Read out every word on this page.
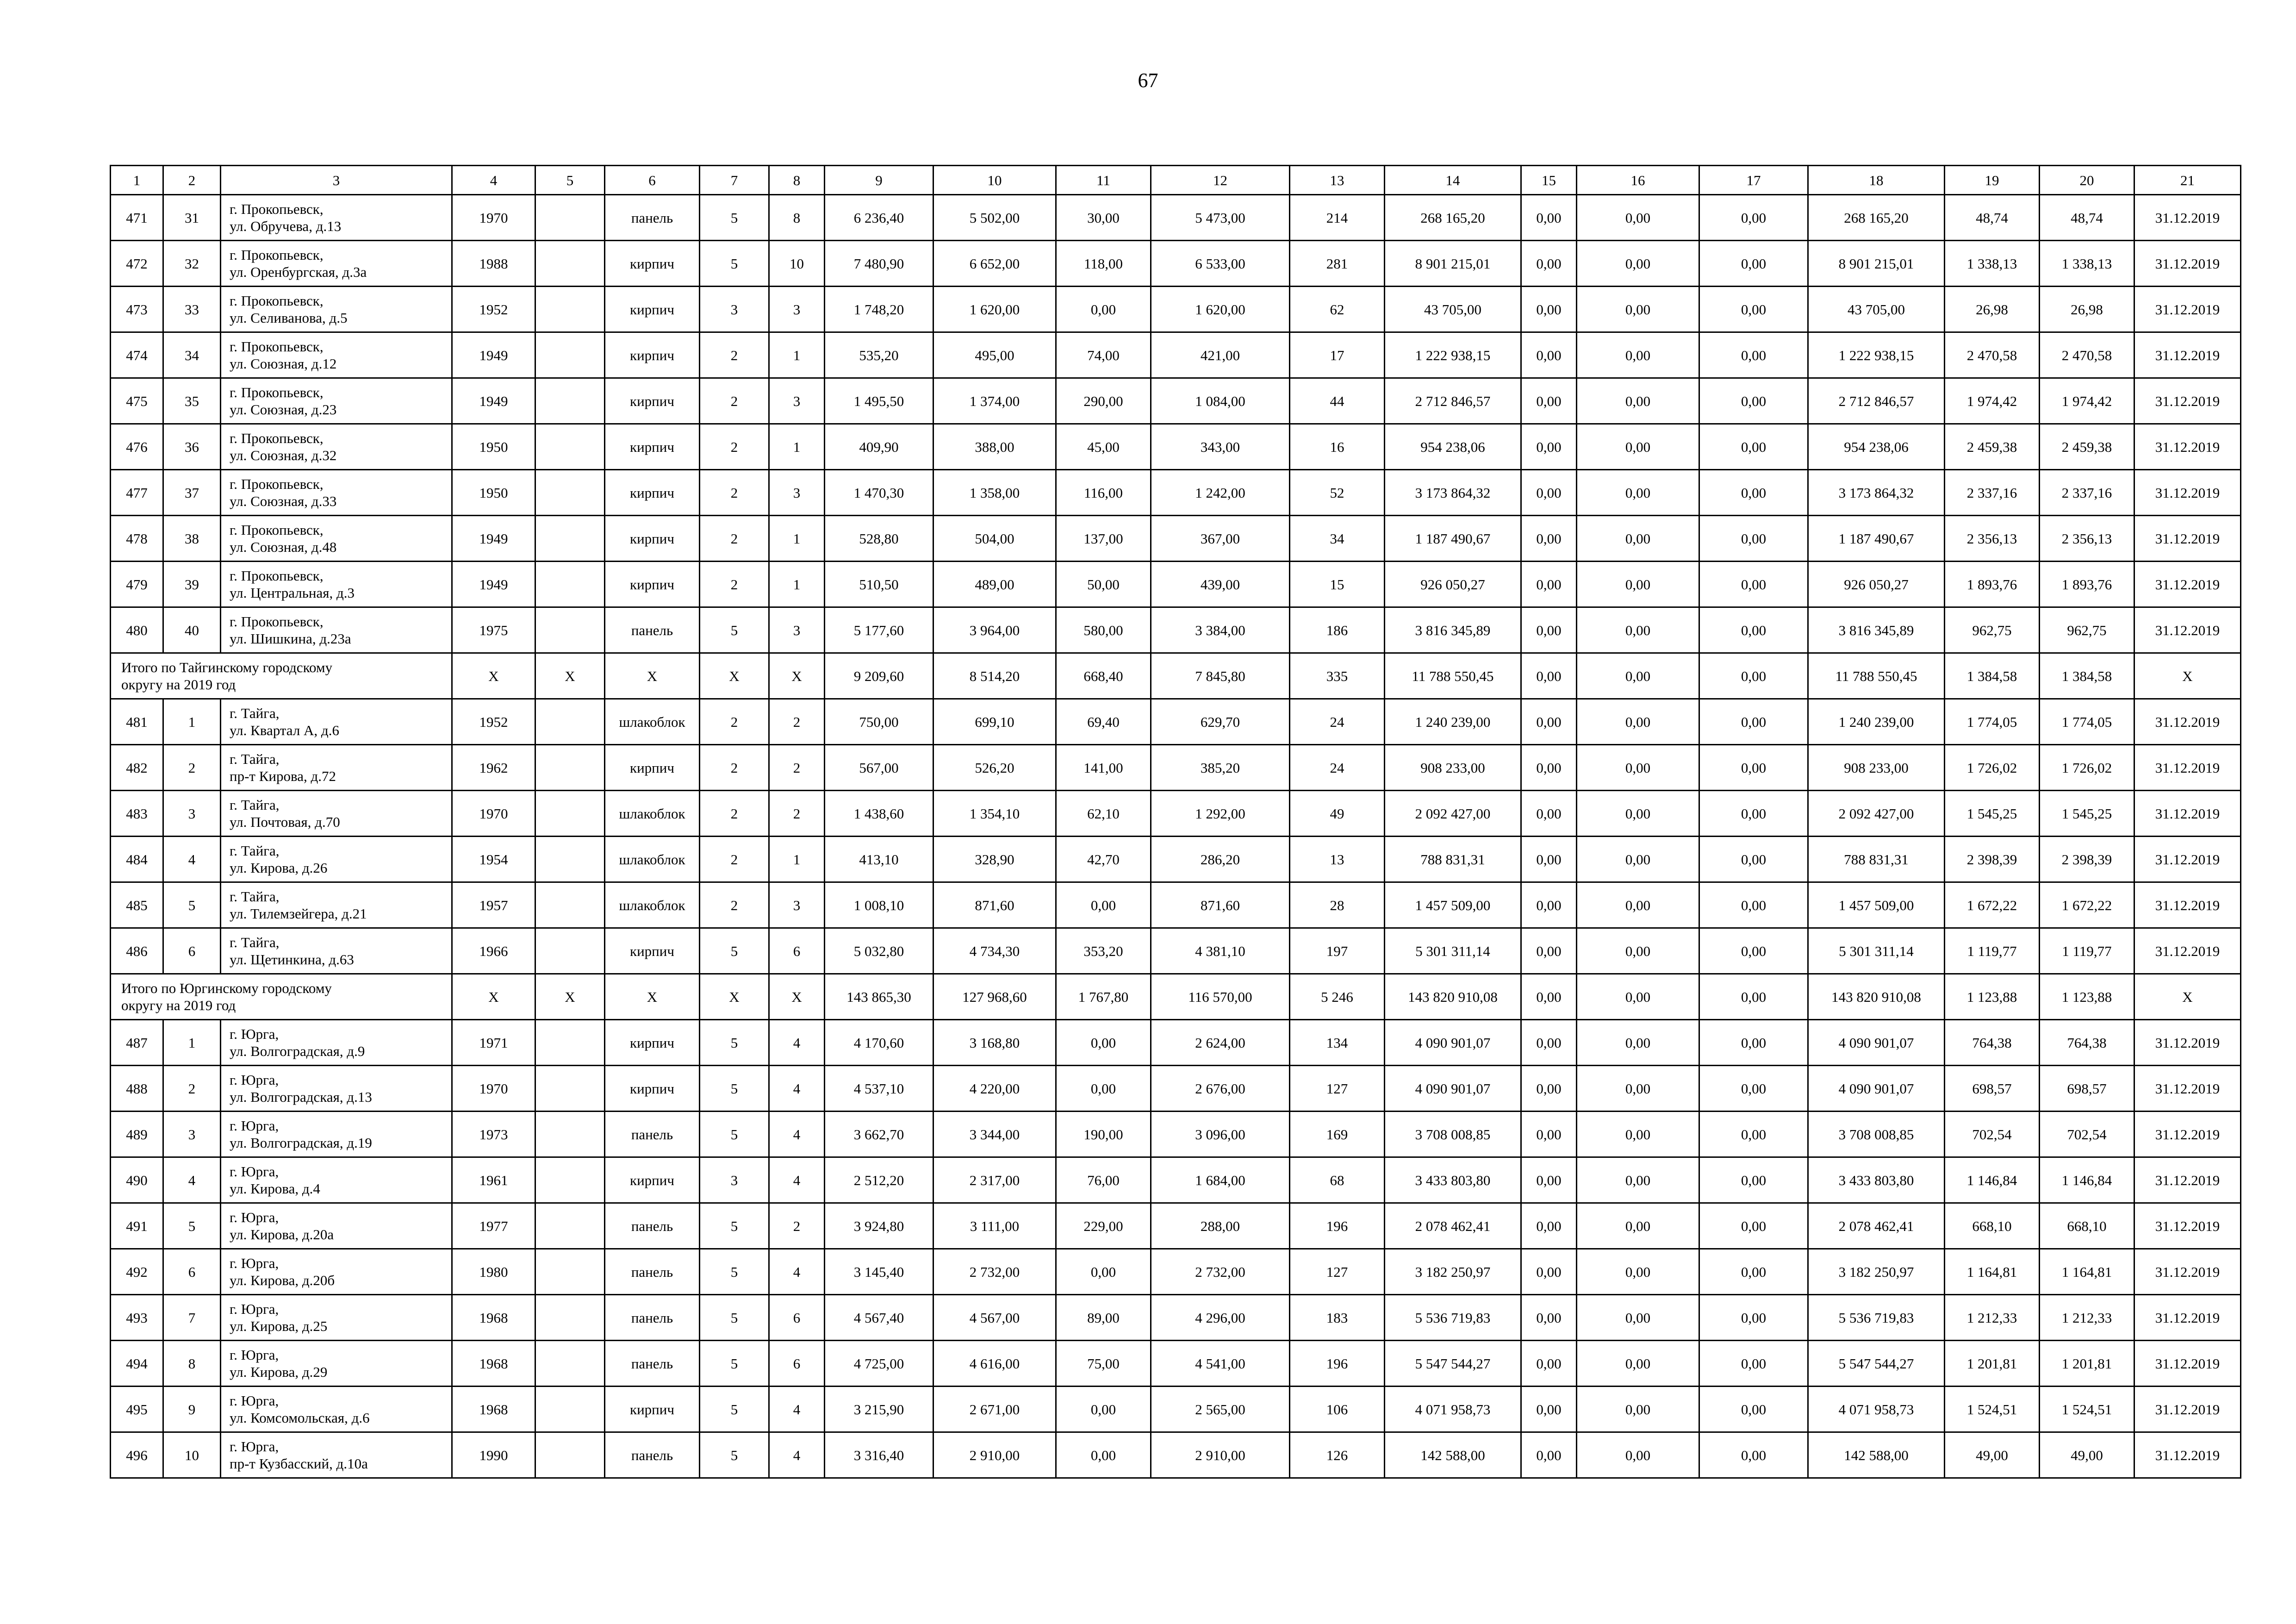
67
1	2	3	4	5	6	7	8	9	10	11	12	13	14	15	16	17	18	19	20	21
471	31	г. Прокопьевск,
ул. Обручева, д.13	1970		панель	5	8	6 236,40	5 502,00	30,00	5 473,00	214	268 165,20	0,00	0,00	0,00	268 165,20	48,74	48,74	31.12.2019
472	32	г. Прокопьевск,
ул. Оренбургская, д.3а	1988		кирпич	5	10	7 480,90	6 652,00	118,00	6 533,00	281	8 901 215,01	0,00	0,00	0,00	8 901 215,01	1 338,13	1 338,13	31.12.2019
473	33	г. Прокопьевск,
ул. Селиванова, д.5	1952		кирпич	3	3	1 748,20	1 620,00	0,00	1 620,00	62	43 705,00	0,00	0,00	0,00	43 705,00	26,98	26,98	31.12.2019
474	34	г. Прокопьевск,
ул. Союзная, д.12	1949		кирпич	2	1	535,20	495,00	74,00	421,00	17	1 222 938,15	0,00	0,00	0,00	1 222 938,15	2 470,58	2 470,58	31.12.2019
475	35	г. Прокопьевск,
ул. Союзная, д.23	1949		кирпич	2	3	1 495,50	1 374,00	290,00	1 084,00	44	2 712 846,57	0,00	0,00	0,00	2 712 846,57	1 974,42	1 974,42	31.12.2019
476	36	г. Прокопьевск,
ул. Союзная, д.32	1950		кирпич	2	1	409,90	388,00	45,00	343,00	16	954 238,06	0,00	0,00	0,00	954 238,06	2 459,38	2 459,38	31.12.2019
477	37	г. Прокопьевск,
ул. Союзная, д.33	1950		кирпич	2	3	1 470,30	1 358,00	116,00	1 242,00	52	3 173 864,32	0,00	0,00	0,00	3 173 864,32	2 337,16	2 337,16	31.12.2019
478	38	г. Прокопьевск,
ул. Союзная, д.48	1949		кирпич	2	1	528,80	504,00	137,00	367,00	34	1 187 490,67	0,00	0,00	0,00	1 187 490,67	2 356,13	2 356,13	31.12.2019
479	39	г. Прокопьевск,
ул. Центральная, д.3	1949		кирпич	2	1	510,50	489,00	50,00	439,00	15	926 050,27	0,00	0,00	0,00	926 050,27	1 893,76	1 893,76	31.12.2019
480	40	г. Прокопьевск,
ул. Шишкина, д.23а	1975		панель	5	3	5 177,60	3 964,00	580,00	3 384,00	186	3 816 345,89	0,00	0,00	0,00	3 816 345,89	962,75	962,75	31.12.2019

Итого по Тайгинскому городскому
округу на 2019 год			X	X	X	X	X	9 209,60	8 514,20	668,40	7 845,80	335	11 788 550,45	0,00	0,00	0,00	11 788 550,45	1 384,58	1 384,58	X
481	1	г. Тайга,
ул. Квартал А, д.6	1952		шлакоблок	2	2	750,00	699,10	69,40	629,70	24	1 240 239,00	0,00	0,00	0,00	1 240 239,00	1 774,05	1 774,05	31.12.2019
482	2	г. Тайга,
пр-т Кирова, д.72	1962		кирпич	2	2	567,00	526,20	141,00	385,20	24	908 233,00	0,00	0,00	0,00	908 233,00	1 726,02	1 726,02	31.12.2019
483	3	г. Тайга,
ул. Почтовая, д.70	1970		шлакоблок	2	2	1 438,60	1 354,10	62,10	1 292,00	49	2 092 427,00	0,00	0,00	0,00	2 092 427,00	1 545,25	1 545,25	31.12.2019
484	4	г. Тайга,
ул. Кирова, д.26	1954		шлакоблок	2	1	413,10	328,90	42,70	286,20	13	788 831,31	0,00	0,00	0,00	788 831,31	2 398,39	2 398,39	31.12.2019
485	5	г. Тайга,
ул. Тилемзейгера, д.21	1957		шлакоблок	2	3	1 008,10	871,60	0,00	871,60	28	1 457 509,00	0,00	0,00	0,00	1 457 509,00	1 672,22	1 672,22	31.12.2019
486	6	г. Тайга,
ул. Щетинкина, д.63	1966		кирпич	5	6	5 032,80	4 734,30	353,20	4 381,10	197	5 301 311,14	0,00	0,00	0,00	5 301 311,14	1 119,77	1 119,77	31.12.2019

Итого по Юргинскому городскому
округу на 2019 год			X	X	X	X	X	143 865,30	127 968,60	1 767,80	116 570,00	5 246	143 820 910,08	0,00	0,00	0,00	143 820 910,08	1 123,88	1 123,88	X
487	1	г. Юрга,
ул. Волгоградская, д.9	1971		кирпич	5	4	4 170,60	3 168,80	0,00	2 624,00	134	4 090 901,07	0,00	0,00	0,00	4 090 901,07	764,38	764,38	31.12.2019
488	2	г. Юрга,
ул. Волгоградская, д.13	1970		кирпич	5	4	4 537,10	4 220,00	0,00	2 676,00	127	4 090 901,07	0,00	0,00	0,00	4 090 901,07	698,57	698,57	31.12.2019
489	3	г. Юрга,
ул. Волгоградская, д.19	1973		панель	5	4	3 662,70	3 344,00	190,00	3 096,00	169	3 708 008,85	0,00	0,00	0,00	3 708 008,85	702,54	702,54	31.12.2019
490	4	г. Юрга,
ул. Кирова, д.4	1961		кирпич	3	4	2 512,20	2 317,00	76,00	1 684,00	68	3 433 803,80	0,00	0,00	0,00	3 433 803,80	1 146,84	1 146,84	31.12.2019
491	5	г. Юрга,
ул. Кирова, д.20а	1977		панель	5	2	3 924,80	3 111,00	229,00	288,00	196	2 078 462,41	0,00	0,00	0,00	2 078 462,41	668,10	668,10	31.12.2019
492	6	г. Юрга,
ул. Кирова, д.20б	1980		панель	5	4	3 145,40	2 732,00	0,00	2 732,00	127	3 182 250,97	0,00	0,00	0,00	3 182 250,97	1 164,81	1 164,81	31.12.2019
493	7	г. Юрга,
ул. Кирова, д.25	1968		панель	5	6	4 567,40	4 567,00	89,00	4 296,00	183	5 536 719,83	0,00	0,00	0,00	5 536 719,83	1 212,33	1 212,33	31.12.2019
494	8	г. Юрга,
ул. Кирова, д.29	1968		панель	5	6	4 725,00	4 616,00	75,00	4 541,00	196	5 547 544,27	0,00	0,00	0,00	5 547 544,27	1 201,81	1 201,81	31.12.2019
495	9	г. Юрга,
ул. Комсомольская, д.6	1968		кирпич	5	4	3 215,90	2 671,00	0,00	2 565,00	106	4 071 958,73	0,00	0,00	0,00	4 071 958,73	1 524,51	1 524,51	31.12.2019
496	10	г. Юрга,
пр-т Кузбасский, д.10а	1990		панель	5	4	3 316,40	2 910,00	0,00	2 910,00	126	142 588,00	0,00	0,00	0,00	142 588,00	49,00	49,00	31.12.2019
